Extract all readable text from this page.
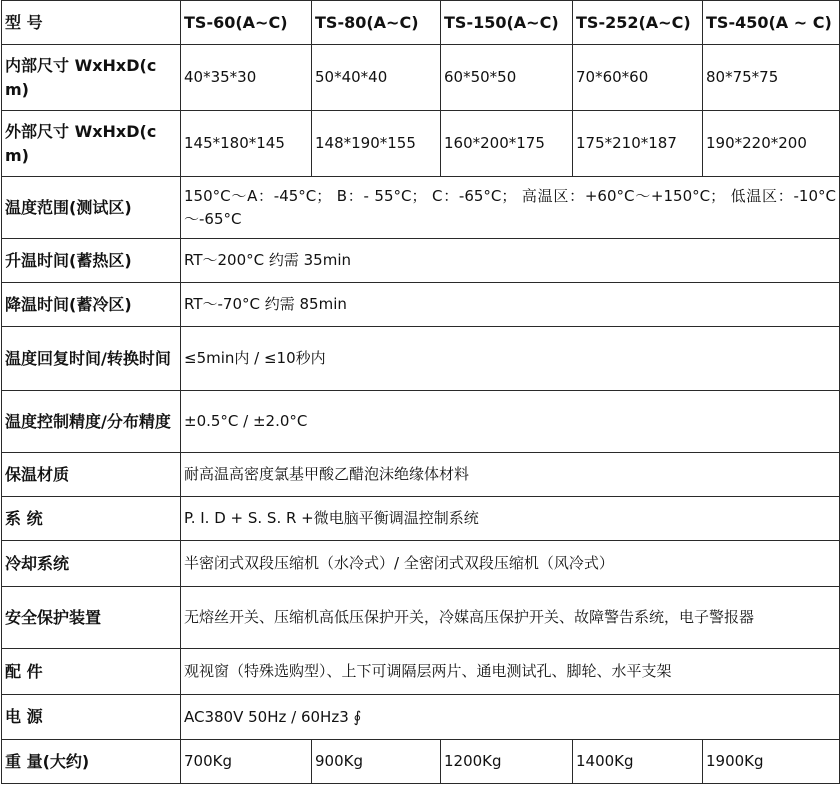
型 号	TS-60(A~C)	TS-80(A~C)	TS-150(A~C)	TS-252(A~C)	TS-450(A ~ C)
内部尺寸 WxHxD(cm)	40*35*30	50*40*40	60*50*50	70*60*60	80*75*75
外部尺寸 WxHxD(cm)	145*180*145	148*190*155	160*200*175	175*210*187	190*220*200
温度范围(测试区)	150°C～A：-45°C； B：- 55°C； C：-65°C； 高温区：+60°C～+150°C； 低温区：-10°C～-65°C				
升温时间(蓄热区)	RT～200°C 约需 35min				
降温时间(蓄冷区)	RT～-70°C 约需 85min				
温度回复时间/转换时间	≤5min内 / ≤10秒内				
温度控制精度/分布精度	±0.5°C / ±2.0°C				
保温材质	耐高温高密度氯基甲酸乙醋泡沫绝缘体材料				
系 统	P. I. D + S. S. R +微电脑平衡调温控制系统				
冷却系统	半密闭式双段压缩机（水冷式）/ 全密闭式双段压缩机（风冷式）				
安全保护装置	无熔丝开关、压缩机高低压保护开关，冷媒高压保护开关、故障警告系统，电子警报器				
配 件	观视窗（特殊选购型）、上下可调隔层两片、通电测试孔、脚轮、水平支架				
电 源	AC380V 50Hz / 60Hz3 ∮				
重 量(大约)	700Kg	900Kg	1200Kg	1400Kg	1900Kg
